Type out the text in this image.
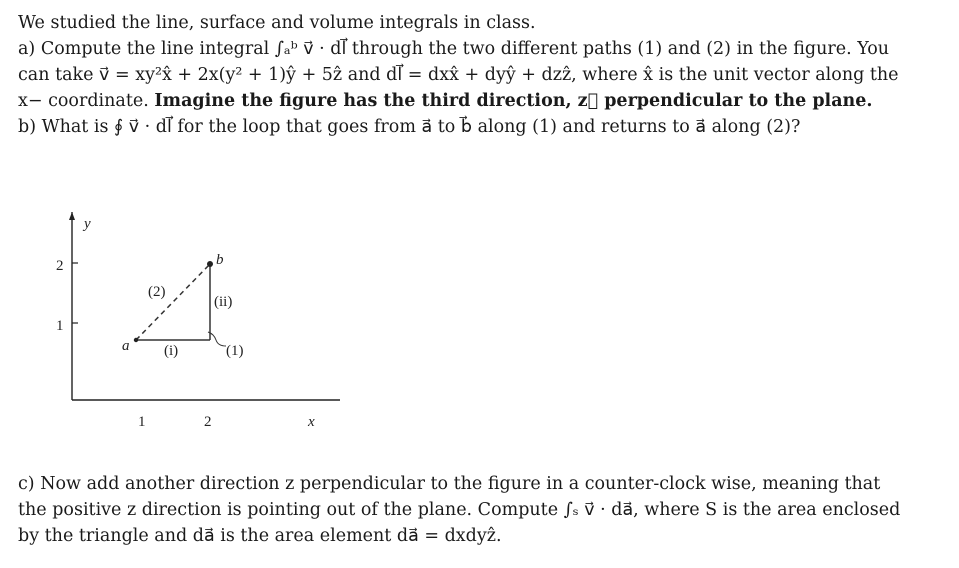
We studied the line, surface and volume integrals in class.
a) Compute the line integral ∫ₐᵇ v⃗ · dl⃗ through the two different paths (1) and (2) in the figure. You
can take v⃗ = xy²x̂ + 2x(y² + 1)ŷ + 5ẑ and dl⃗ = dxx̂ + dyŷ + dzẑ, where x̂ is the unit vector along the
x− coordinate. Imagine the figure has the third direction, z⃗ perpendicular to the plane.
b) What is ∮ v⃗ · dl⃗ for the loop that goes from a⃗ to b⃗ along (1) and returns to a⃗ along (2)?
y
x
2
1
1	2
a
b
(2)
(ii)
(i)	(1)
c) Now add another direction z perpendicular to the figure in a counter-clock wise, meaning that
the positive z direction is pointing out of the plane. Compute ∫ₛ v⃗ · da⃗, where S is the area enclosed
by the triangle and da⃗ is the area element da⃗ = dxdyẑ.
